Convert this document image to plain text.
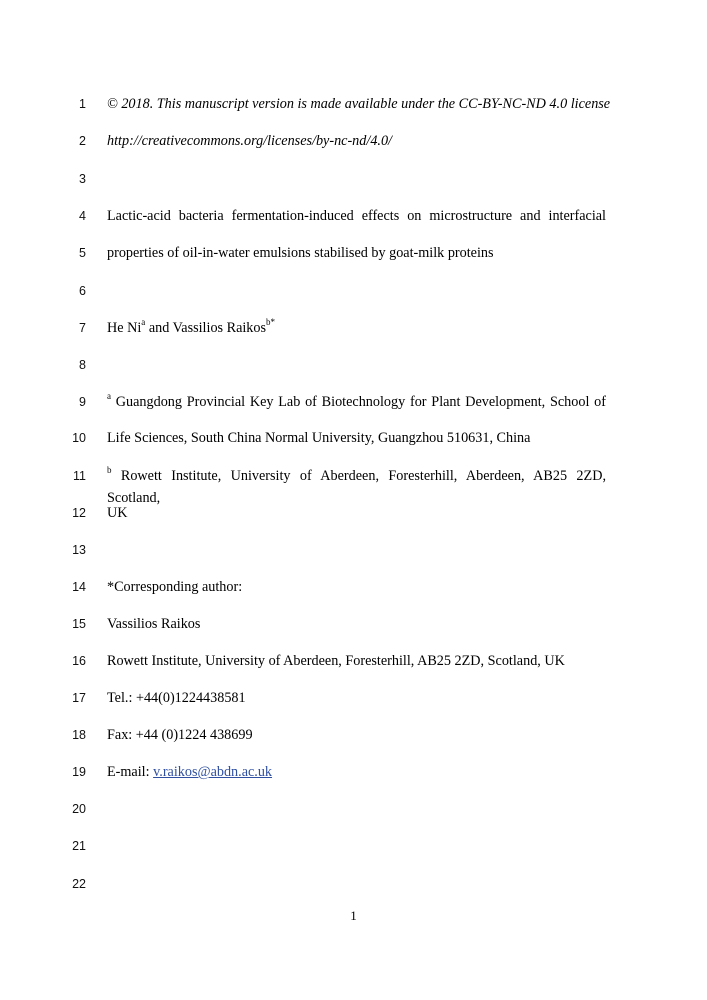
1 © 2018. This manuscript version is made available under the CC-BY-NC-ND 4.0 license
2 http://creativecommons.org/licenses/by-nc-nd/4.0/
3
4 Lactic-acid bacteria fermentation-induced effects on microstructure and interfacial
5 properties of oil-in-water emulsions stabilised by goat-milk proteins
6
7 He Ni$^a$ and Vassilios Raikos$^{b*}$
8
9 $^a$ Guangdong Provincial Key Lab of Biotechnology for Plant Development, School of
10 Life Sciences, South China Normal University, Guangzhou 510631, China
11 $^b$ Rowett Institute, University of Aberdeen, Foresterhill, Aberdeen, AB25 2ZD, Scotland,
12 UK
13
14 *Corresponding author:
15 Vassilios Raikos
16 Rowett Institute, University of Aberdeen, Foresterhill, AB25 2ZD, Scotland, UK
17 Tel.: +44(0)1224438581
18 Fax: +44 (0)1224 438699
19 E-mail: v.raikos@abdn.ac.uk
20
21
22
1
